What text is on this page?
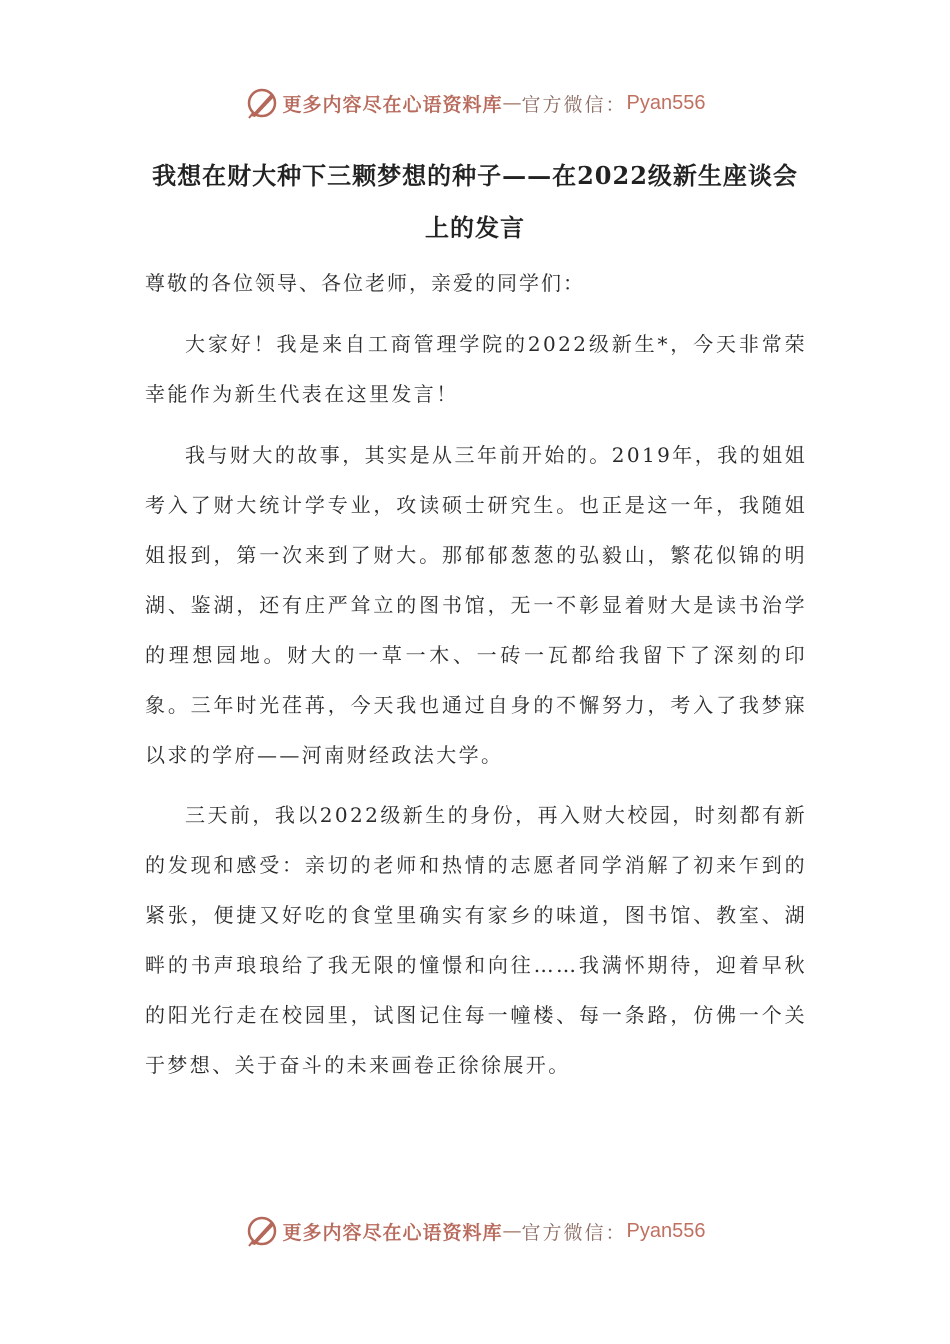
更多内容尽在心语资料库 — 官方微信： Pyan556
我想在财大种下三颗梦想的种子——在2022级新生座谈会
上的发言
尊敬的各位领导、各位老师，亲爱的同学们：

大家好！我是来自工商管理学院的2022级新生*，今天非常荣幸能作为新生代表在这里发言！

我与财大的故事，其实是从三年前开始的。2019年，我的姐姐考入了财大统计学专业，攻读硕士研究生。也正是这一年，我随姐姐报到，第一次来到了财大。那郁郁葱葱的弘毅山，繁花似锦的明湖、鉴湖，还有庄严耸立的图书馆，无一不彰显着财大是读书治学的理想园地。财大的一草一木、一砖一瓦都给我留下了深刻的印象。三年时光荏苒，今天我也通过自身的不懈努力，考入了我梦寐以求的学府——河南财经政法大学。

三天前，我以2022级新生的身份，再入财大校园，时刻都有新的发现和感受：亲切的老师和热情的志愿者同学消解了初来乍到的紧张，便捷又好吃的食堂里确实有家乡的味道，图书馆、教室、湖畔的书声琅琅给了我无限的憧憬和向往……我满怀期待，迎着早秋的阳光行走在校园里，试图记住每一幢楼、每一条路，仿佛一个关于梦想、关于奋斗的未来画卷正徐徐展开。

更多内容尽在心语资料库 — 官方微信： Pyan556
